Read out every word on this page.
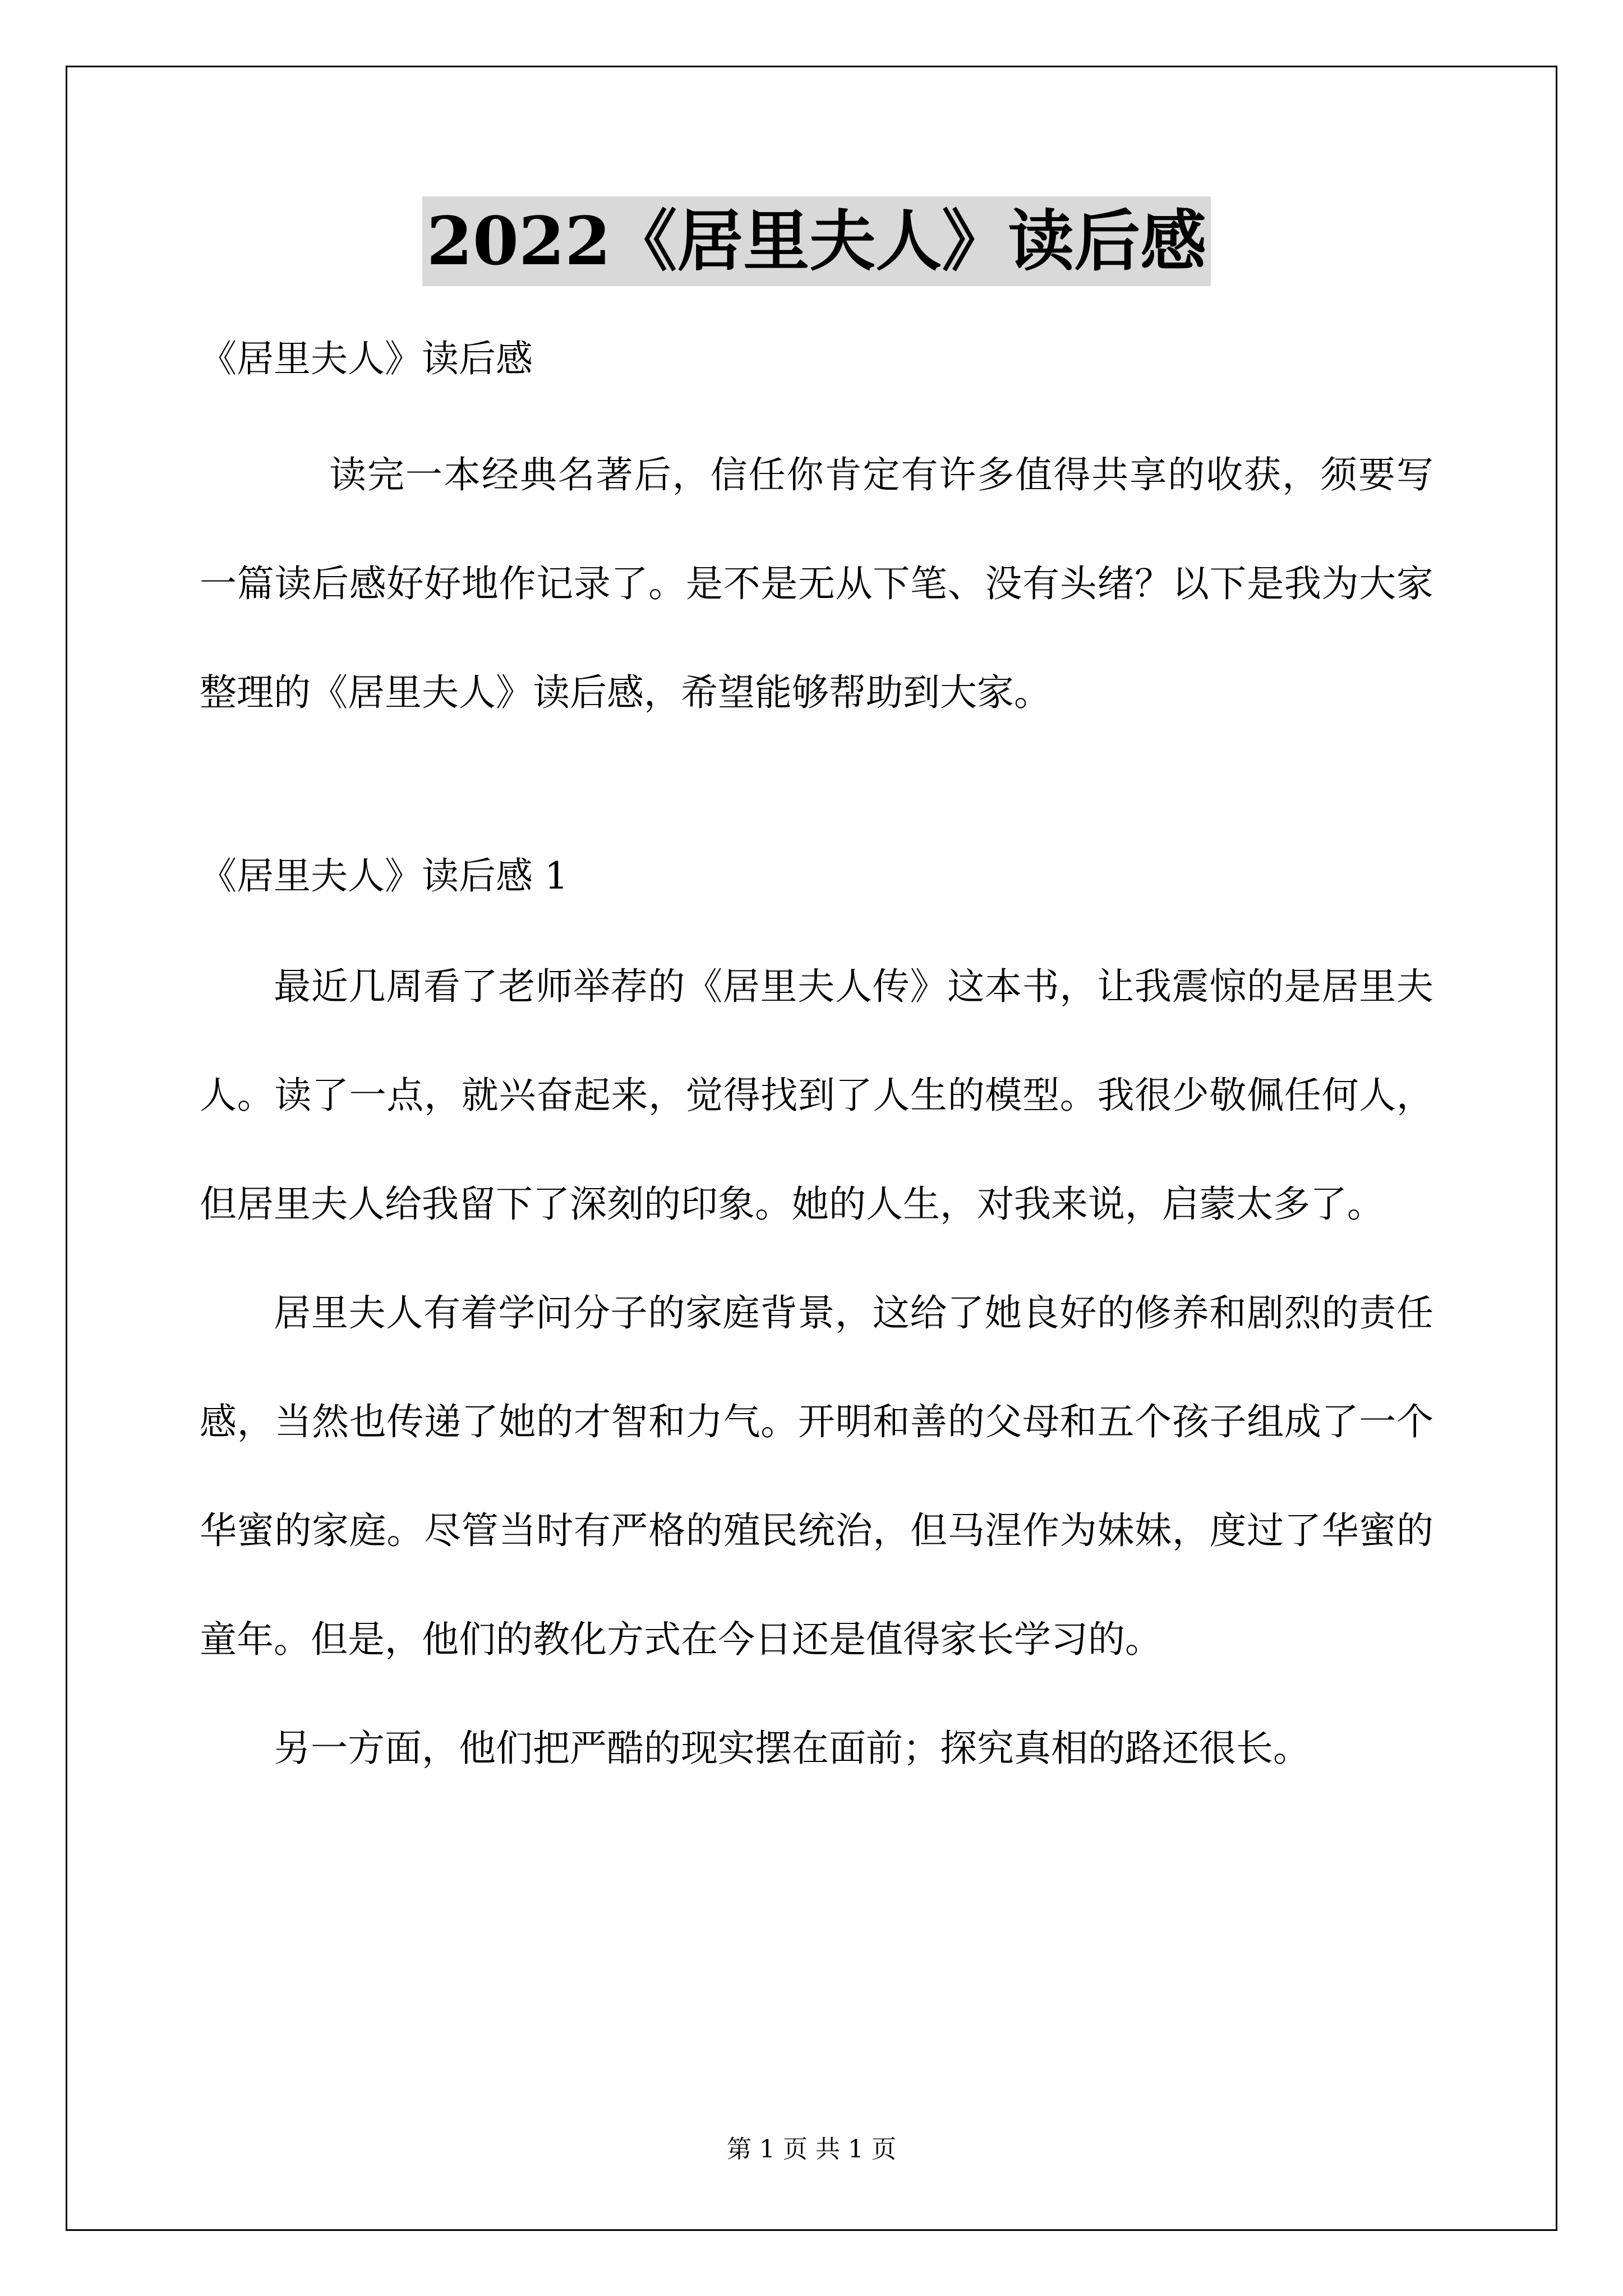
2022《居里夫人》读后感

《居里夫人》读后感

读完一本经典名著后，信任你肯定有许多值得共享的收获，须要写一篇读后感好好地作记录了。是不是无从下笔、没有头绪？以下是我为大家整理的《居里夫人》读后感，希望能够帮助到大家。

《居里夫人》读后感 1

最近几周看了老师举荐的《居里夫人传》这本书，让我震惊的是居里夫人。读了一点，就兴奋起来，觉得找到了人生的模型。我很少敬佩任何人，但居里夫人给我留下了深刻的印象。她的人生，对我来说，启蒙太多了。

居里夫人有着学问分子的家庭背景，这给了她良好的修养和剧烈的责任感，当然也传递了她的才智和力气。开明和善的父母和五个孩子组成了一个华蜜的家庭。尽管当时有严格的殖民统治，但马涅作为妹妹，度过了华蜜的童年。但是，他们的教化方式在今日还是值得家长学习的。

另一方面，他们把严酷的现实摆在面前；探究真相的路还很长。

第 1 页 共 1 页
